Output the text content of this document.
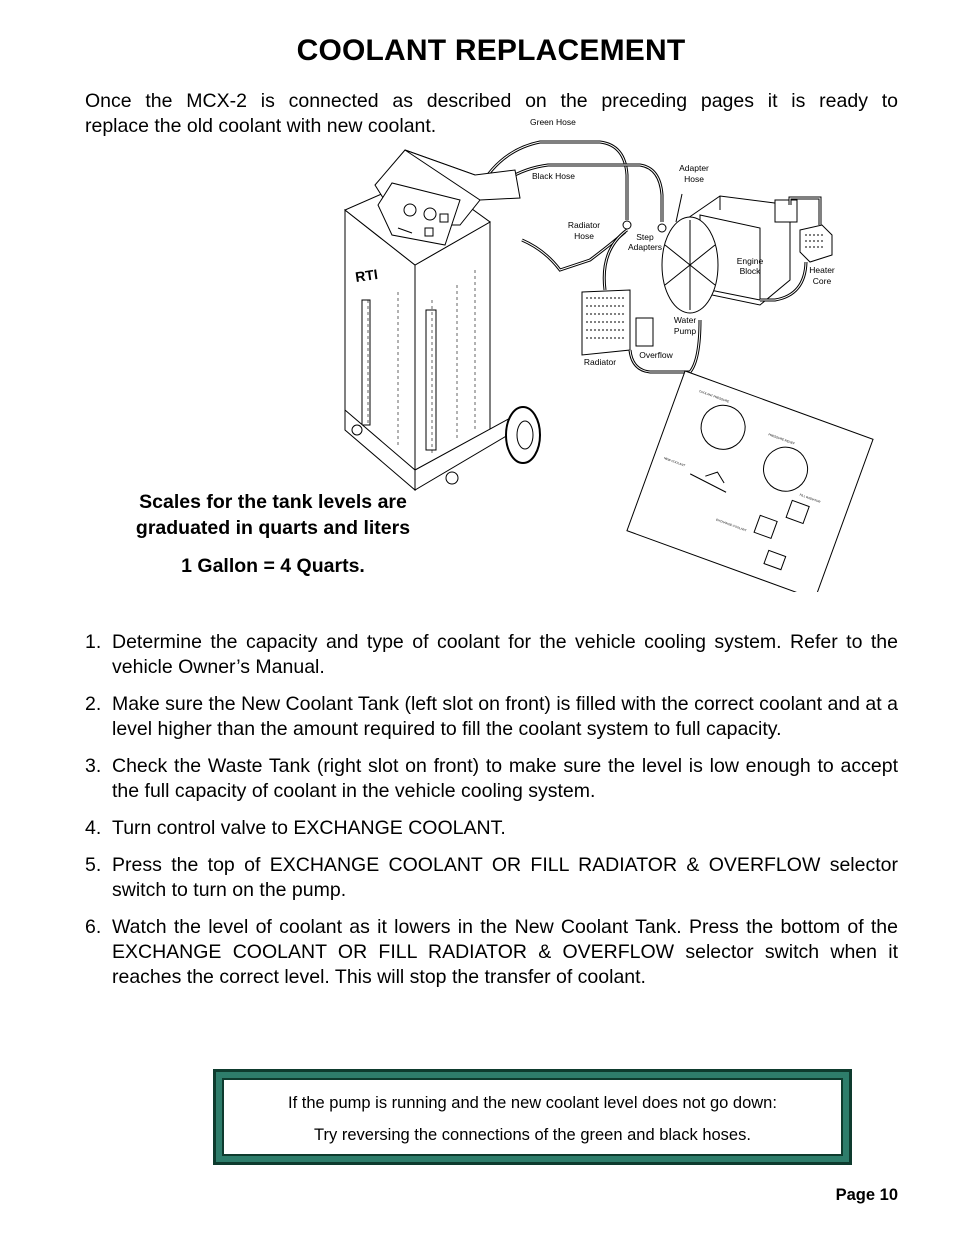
COOLANT REPLACEMENT
Once the MCX-2 is connected as described on the preceding pages it is ready to
replace the old coolant with new coolant.
RTI
COOLANT PRESSURE
PRESSURE RELIEF
NEW COOLANT
EXCHANGE COOLANT
FILL RADIATOR
Green Hose
Black Hose
Adapter
Hose
Radiator
Hose	Step
Adapters
Engine
Block	Heater
Core
Water
Pump
Radiator
Overflow
Scales for the tank levels are
graduated in quarts and liters
1 Gallon = 4 Quarts.
1. Determine the capacity and type of coolant for the vehicle cooling system. Refer to the vehicle Owner’s Manual.
2. Make sure the New Coolant Tank (left slot on front) is filled with the correct coolant and at a level higher than the amount required to fill the coolant system to full capacity.
3. Check the Waste Tank (right slot on front) to make sure the level is low enough to accept the full capacity of coolant in the vehicle cooling system.
4. Turn control valve to EXCHANGE COOLANT.
5. Press the top of EXCHANGE COOLANT OR FILL RADIATOR & OVERFLOW selector switch to turn on the pump.
6. Watch the level of coolant as it lowers in the New Coolant Tank. Press the bottom of the EXCHANGE COOLANT OR FILL RADIATOR & OVERFLOW selector switch when it reaches the correct level. This will stop the transfer of coolant.
If the pump is running and the new coolant level does not go down:
Try reversing the connections of the green and black hoses.
Page 10
